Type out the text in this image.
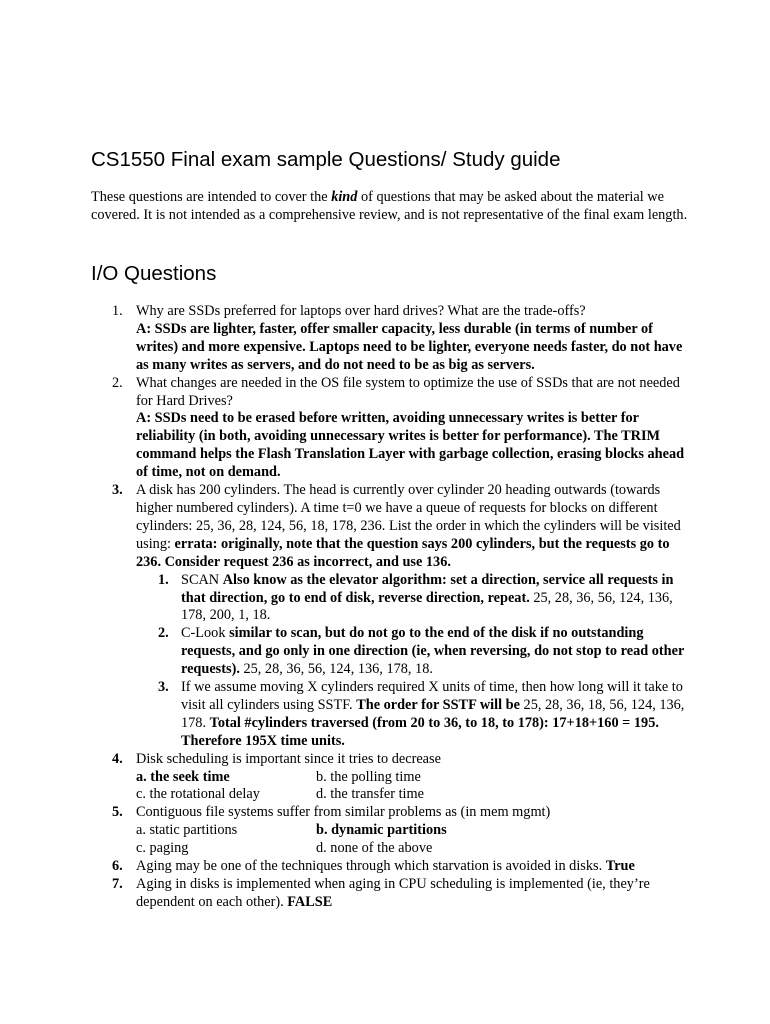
CS1550 Final exam sample Questions/ Study guide

These questions are intended to cover the kind of questions that may be asked about the material we covered. It is not intended as a comprehensive review, and is not representative of the final exam length.

I/O Questions
1. Why are SSDs preferred for laptops over hard drives? What are the trade-offs?
A: SSDs are lighter, faster, offer smaller capacity, less durable (in terms of number of writes) and more expensive. Laptops need to be lighter, everyone needs faster, do not have as many writes as servers, and do not need to be as big as servers.
2. What changes are needed in the OS file system to optimize the use of SSDs that are not needed for Hard Drives?
A: SSDs need to be erased before written, avoiding unnecessary writes is better for reliability (in both, avoiding unnecessary writes is better for performance). The TRIM command helps the Flash Translation Layer with garbage collection, erasing blocks ahead of time, not on demand.
3. A disk has 200 cylinders. The head is currently over cylinder 20 heading outwards (towards higher numbered cylinders). A time t=0 we have a queue of requests for blocks on different cylinders: 25, 36, 28, 124, 56, 18, 178, 236. List the order in which the cylinders will be visited using: errata: originally, note that the question says 200 cylinders, but the requests go to 236. Consider request 236 as incorrect, and use 136.
1. SCAN Also know as the elevator algorithm: set a direction, service all requests in that direction, go to end of disk, reverse direction, repeat. 25, 28, 36, 56, 124, 136, 178, 200, 1, 18.
2. C-Look similar to scan, but do not go to the end of the disk if no outstanding requests, and go only in one direction (ie, when reversing, do not stop to read other requests). 25, 28, 36, 56, 124, 136, 178, 18.
3. If we assume moving X cylinders required X units of time, then how long will it take to visit all cylinders using SSTF. The order for SSTF will be 25, 28, 36, 18, 56, 124, 136, 178. Total #cylinders traversed (from 20 to 36, to 18, to 178): 17+18+160 = 195. Therefore 195X time units.
4. Disk scheduling is important since it tries to decrease
a. the seek time	b. the polling time
c. the rotational delay	d. the transfer time
5. Contiguous file systems suffer from similar problems as (in mem mgmt)
a. static partitions	b. dynamic partitions
c. paging	d. none of the above
6. Aging may be one of the techniques through which starvation is avoided in disks. True
7. Aging in disks is implemented when aging in CPU scheduling is implemented (ie, they’re dependent on each other). FALSE
